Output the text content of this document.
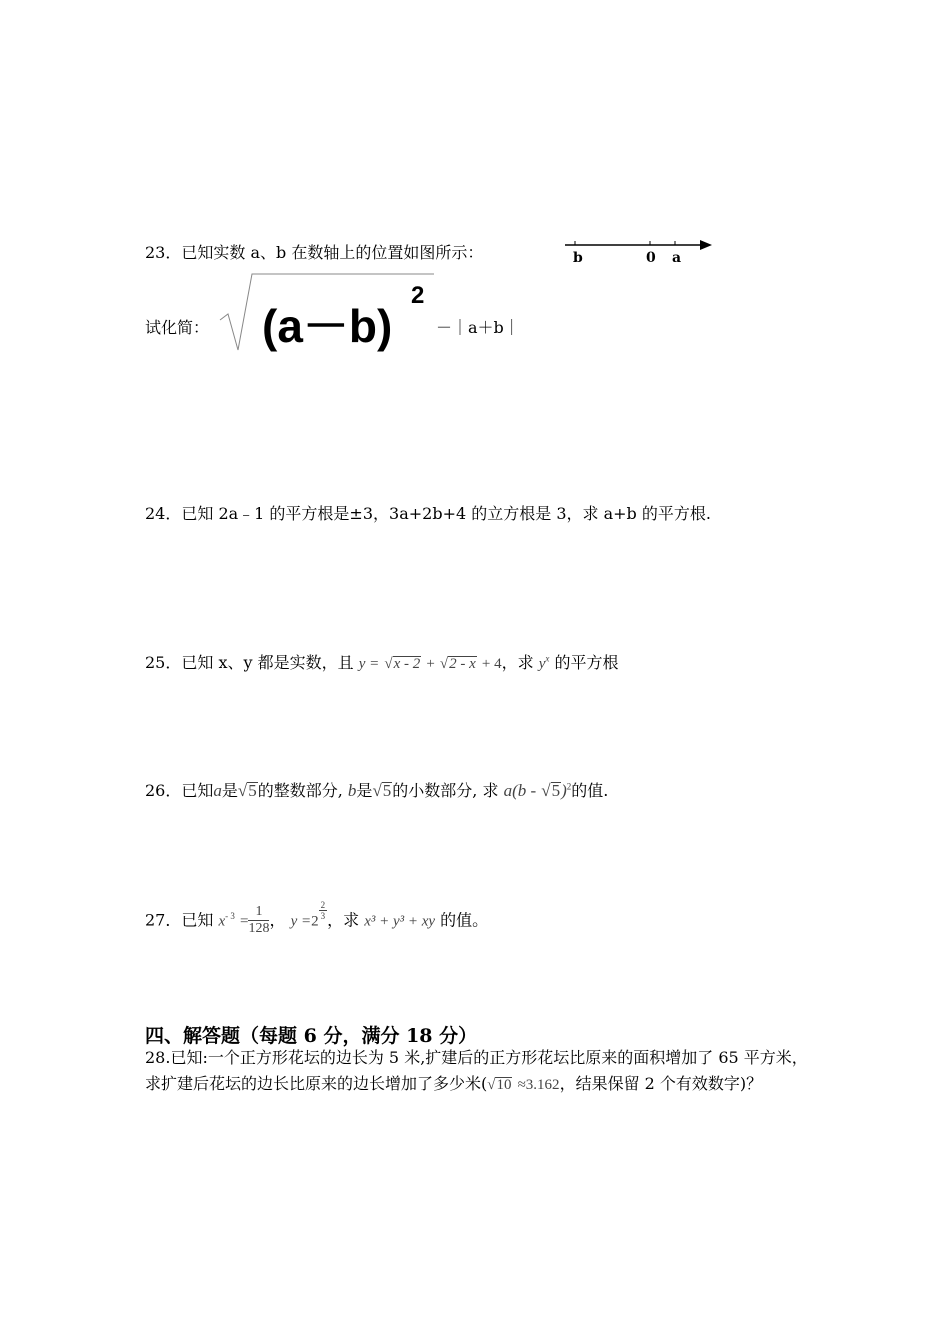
23．已知实数 a、b 在数轴上的位置如图所示：	b	0 a
试化简： (a－b)
2
－｜a＋b｜
24．已知 2a﹣1 的平方根是±3，3a+2b+4 的立方根是 3，求 a+b 的平方根.
25．已知 x、y 都是实数，且 y = √x - 2 + √2 - x + 4，求 $y^x$ 的平方根
26．已知a是√5的整数部分, b是√5的小数部分, 求 a(b - √5)$^2$的值.
27．已知 $x^{- 3} = \frac{1}{128}$ ， y =2
$\frac{2}{3}$ ，求 x³ + y³ + xy 的值。
四、解答题（每题 6 分，满分 18 分）
28.已知:一个正方形花坛的边长为 5 米,扩建后的正方形花坛比原来的面积增加了 65 平方米，求扩建后花坛的边长比原来的边长增加了多少米(√10 ≈3.162，结果保留 2 个有效数字)？
